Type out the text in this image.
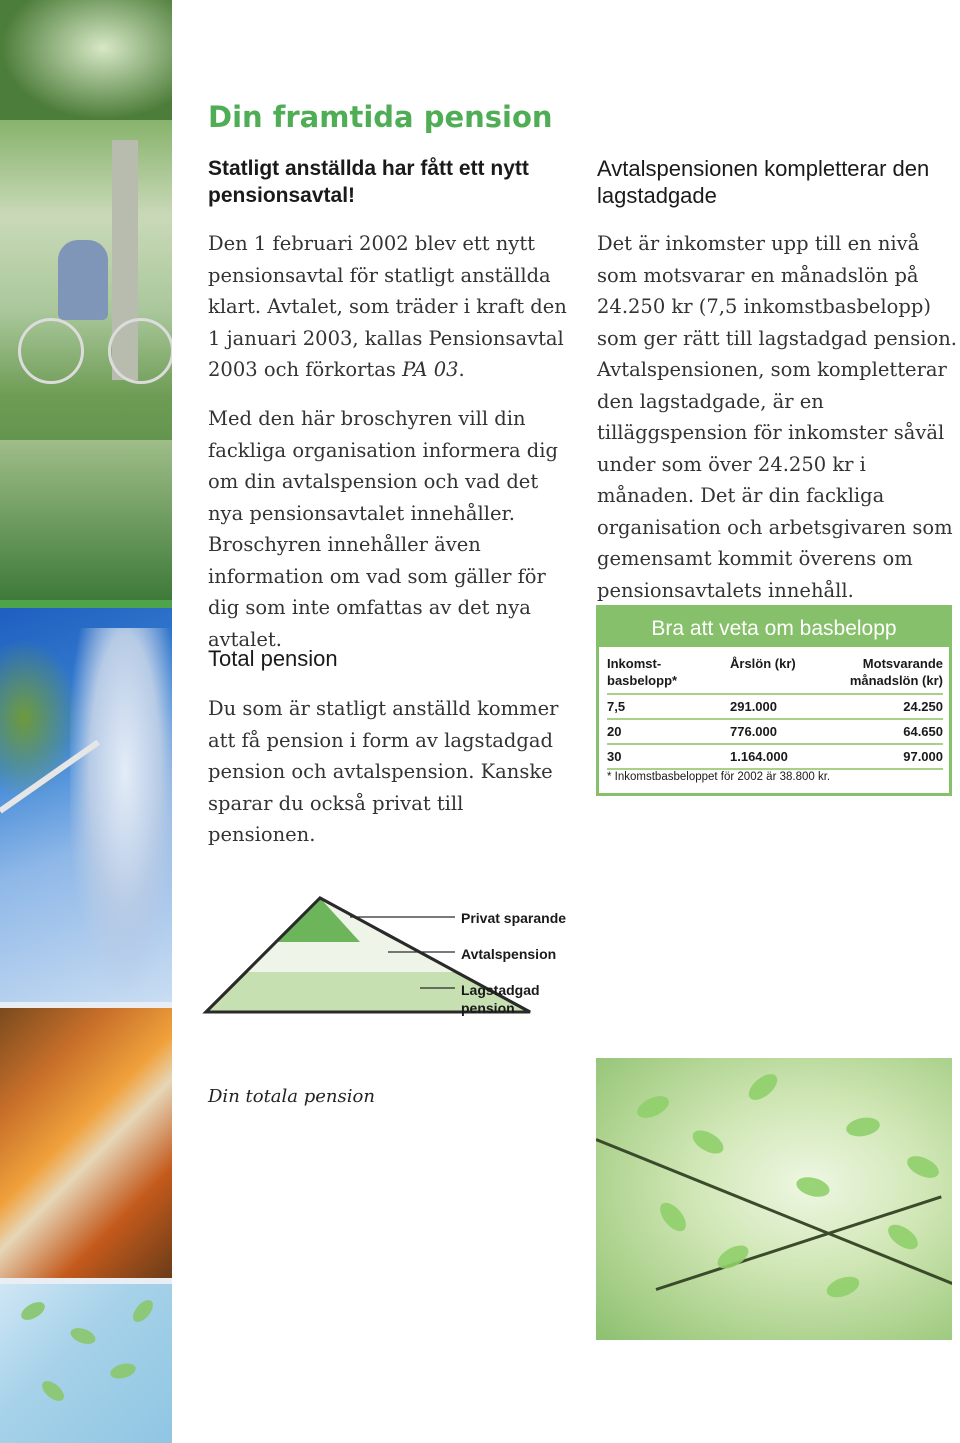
Din framtida pension
Statligt anställda har fått ett nytt pensionsavtal!

Den 1 februari 2002 blev ett nytt pensionsavtal för statligt anställda klart. Avtalet, som träder i kraft den 1 januari 2003, kallas Pensionsavtal 2003 och förkortas PA 03.

Med den här broschyren vill din fackliga organisation informera dig om din avtalspension och vad det nya pensionsavtalet innehåller. Broschyren innehåller även information om vad som gäller för dig som inte omfattas av det nya avtalet.

Total pension

Du som är statligt anställd kommer att få pension i form av lagstadgad pension och avtalspension. Kanske sparar du också privat till pensionen.

Avtalspensionen kompletterar den lagstadgade

Det är inkomster upp till en nivå som motsvarar en månadslön på 24.250 kr (7,5 inkomstbasbelopp) som ger rätt till lagstadgad pension. Avtalspensionen, som kompletterar den lagstadgade, är en tilläggspension för inkomster såväl under som över 24.250 kr i månaden. Det är din fackliga organisation och arbetsgivaren som gemensamt kommit överens om pensionsavtalets innehåll.

Bra att veta om basbelopp
Inkomst-
basbelopp*
Årslön (kr)	Motsvarande
månadslön (kr)
7,5	291.000	24.250
20	776.000	64.650
30	1.164.000	97.000
* Inkomstbasbeloppet för 2002 är 38.800 kr.
Privat sparande
Avtalspension
Lagstadgad pension
Din totala pension
